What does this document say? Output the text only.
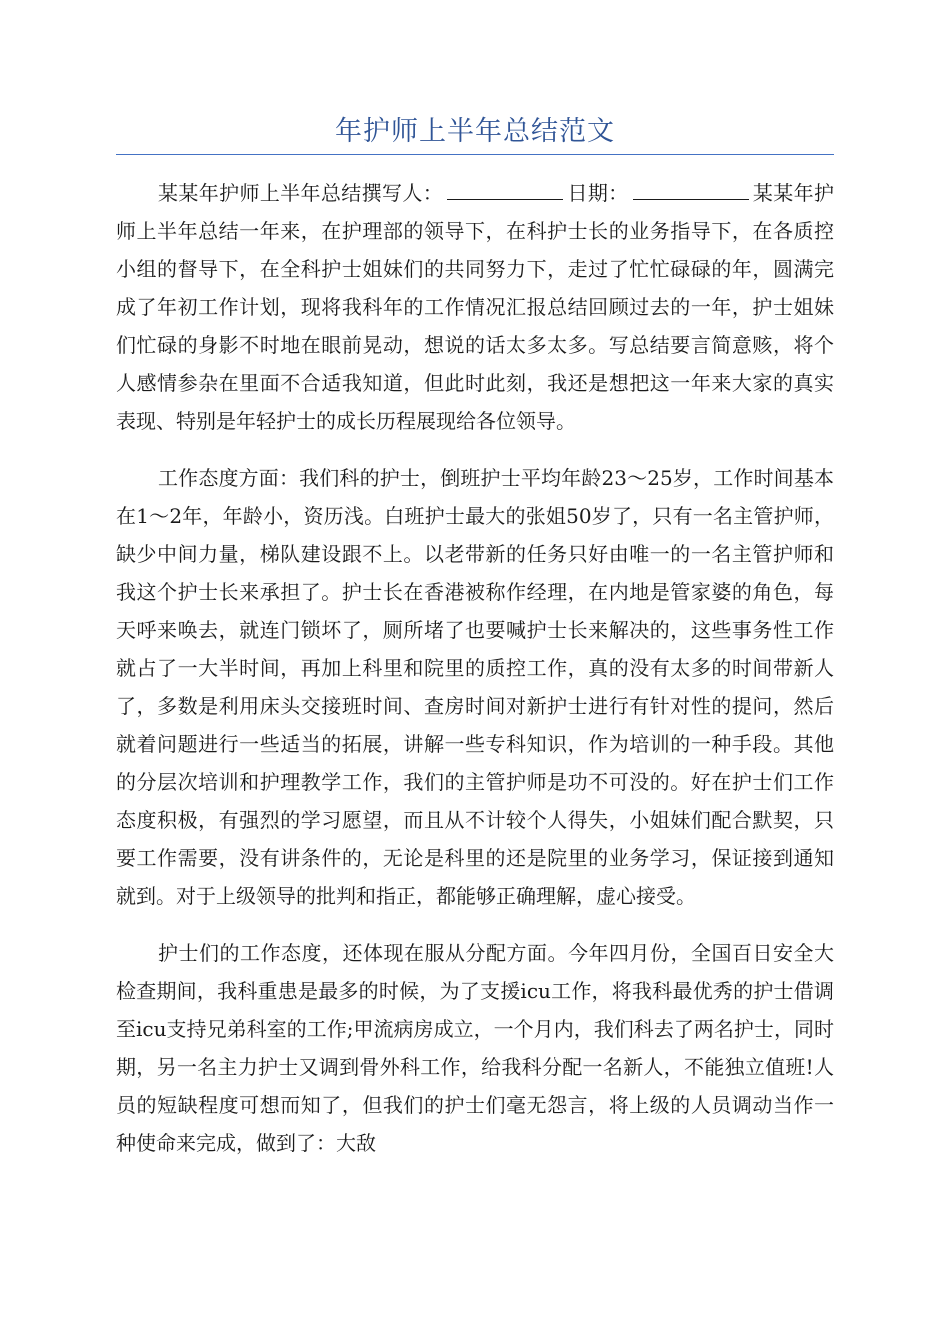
年护师上半年总结范文

某某年护师上半年总结撰写人：	日期：	某某年护师上半年总结一年来，在护理部的领导下，在科护士长的业务指导下，在各质控小组的督导下，在全科护士姐妹们的共同努力下，走过了忙忙碌碌的年，圆满完成了年初工作计划，现将我科年的工作情况汇报总结回顾过去的一年，护士姐妹们忙碌的身影不时地在眼前晃动，想说的话太多太多。写总结要言简意赅，将个人感情参杂在里面不合适我知道，但此时此刻，我还是想把这一年来大家的真实表现、特别是年轻护士的成长历程展现给各位领导。

工作态度方面：我们科的护士，倒班护士平均年龄23～25岁，工作时间基本在1～2年，年龄小，资历浅。白班护士最大的张姐50岁了，只有一名主管护师，缺少中间力量，梯队建设跟不上。以老带新的任务只好由唯一的一名主管护师和我这个护士长来承担了。护士长在香港被称作经理，在内地是管家婆的角色，每天呼来唤去，就连门锁坏了，厕所堵了也要喊护士长来解决的，这些事务性工作就占了一大半时间，再加上科里和院里的质控工作，真的没有太多的时间带新人了，多数是利用床头交接班时间、查房时间对新护士进行有针对性的提问，然后就着问题进行一些适当的拓展，讲解一些专科知识，作为培训的一种手段。其他的分层次培训和护理教学工作，我们的主管护师是功不可没的。好在护士们工作态度积极，有强烈的学习愿望，而且从不计较个人得失，小姐妹们配合默契，只要工作需要，没有讲条件的，无论是科里的还是院里的业务学习，保证接到通知就到。对于上级领导的批判和指正，都能够正确理解，虚心接受。

护士们的工作态度，还体现在服从分配方面。今年四月份，全国百日安全大检查期间，我科重患是最多的时候，为了支援icu工作，将我科最优秀的护士借调至icu支持兄弟科室的工作;甲流病房成立，一个月内，我们科去了两名护士，同时期，另一名主力护士又调到骨外科工作，给我科分配一名新人，不能独立值班!人员的短缺程度可想而知了，但我们的护士们毫无怨言，将上级的人员调动当作一种使命来完成，做到了：大敌
